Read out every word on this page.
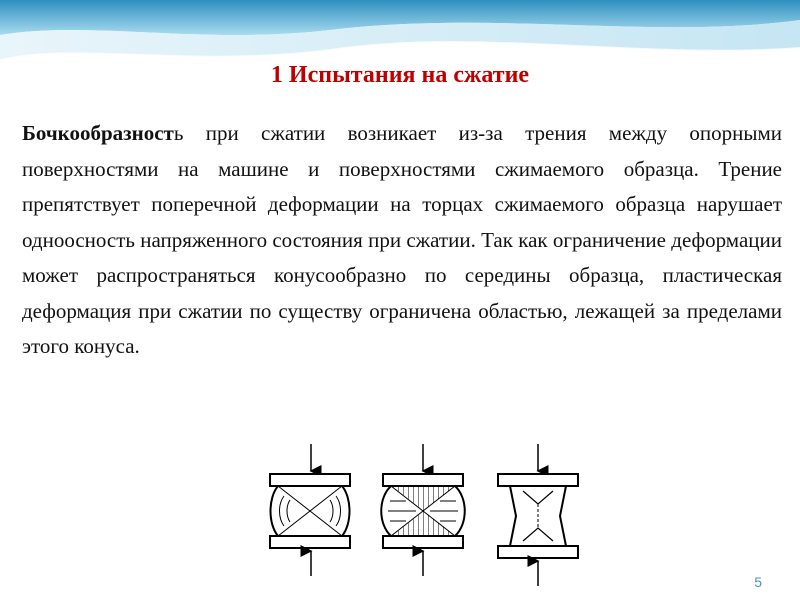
1 Испытания на сжатие
Бочкообразность при сжатии возникает из-за трения между опорными поверхностями на машине и поверхностями сжимаемого образца. Трение препятствует поперечной деформации на торцах сжимаемого образца нарушает одноосность напряженного состояния при сжатии. Так как ограничение деформации может распространяться конусообразно по середины образца, пластическая деформация при сжатии по существу ограничена областью, лежащей за пределами этого конуса.
5
